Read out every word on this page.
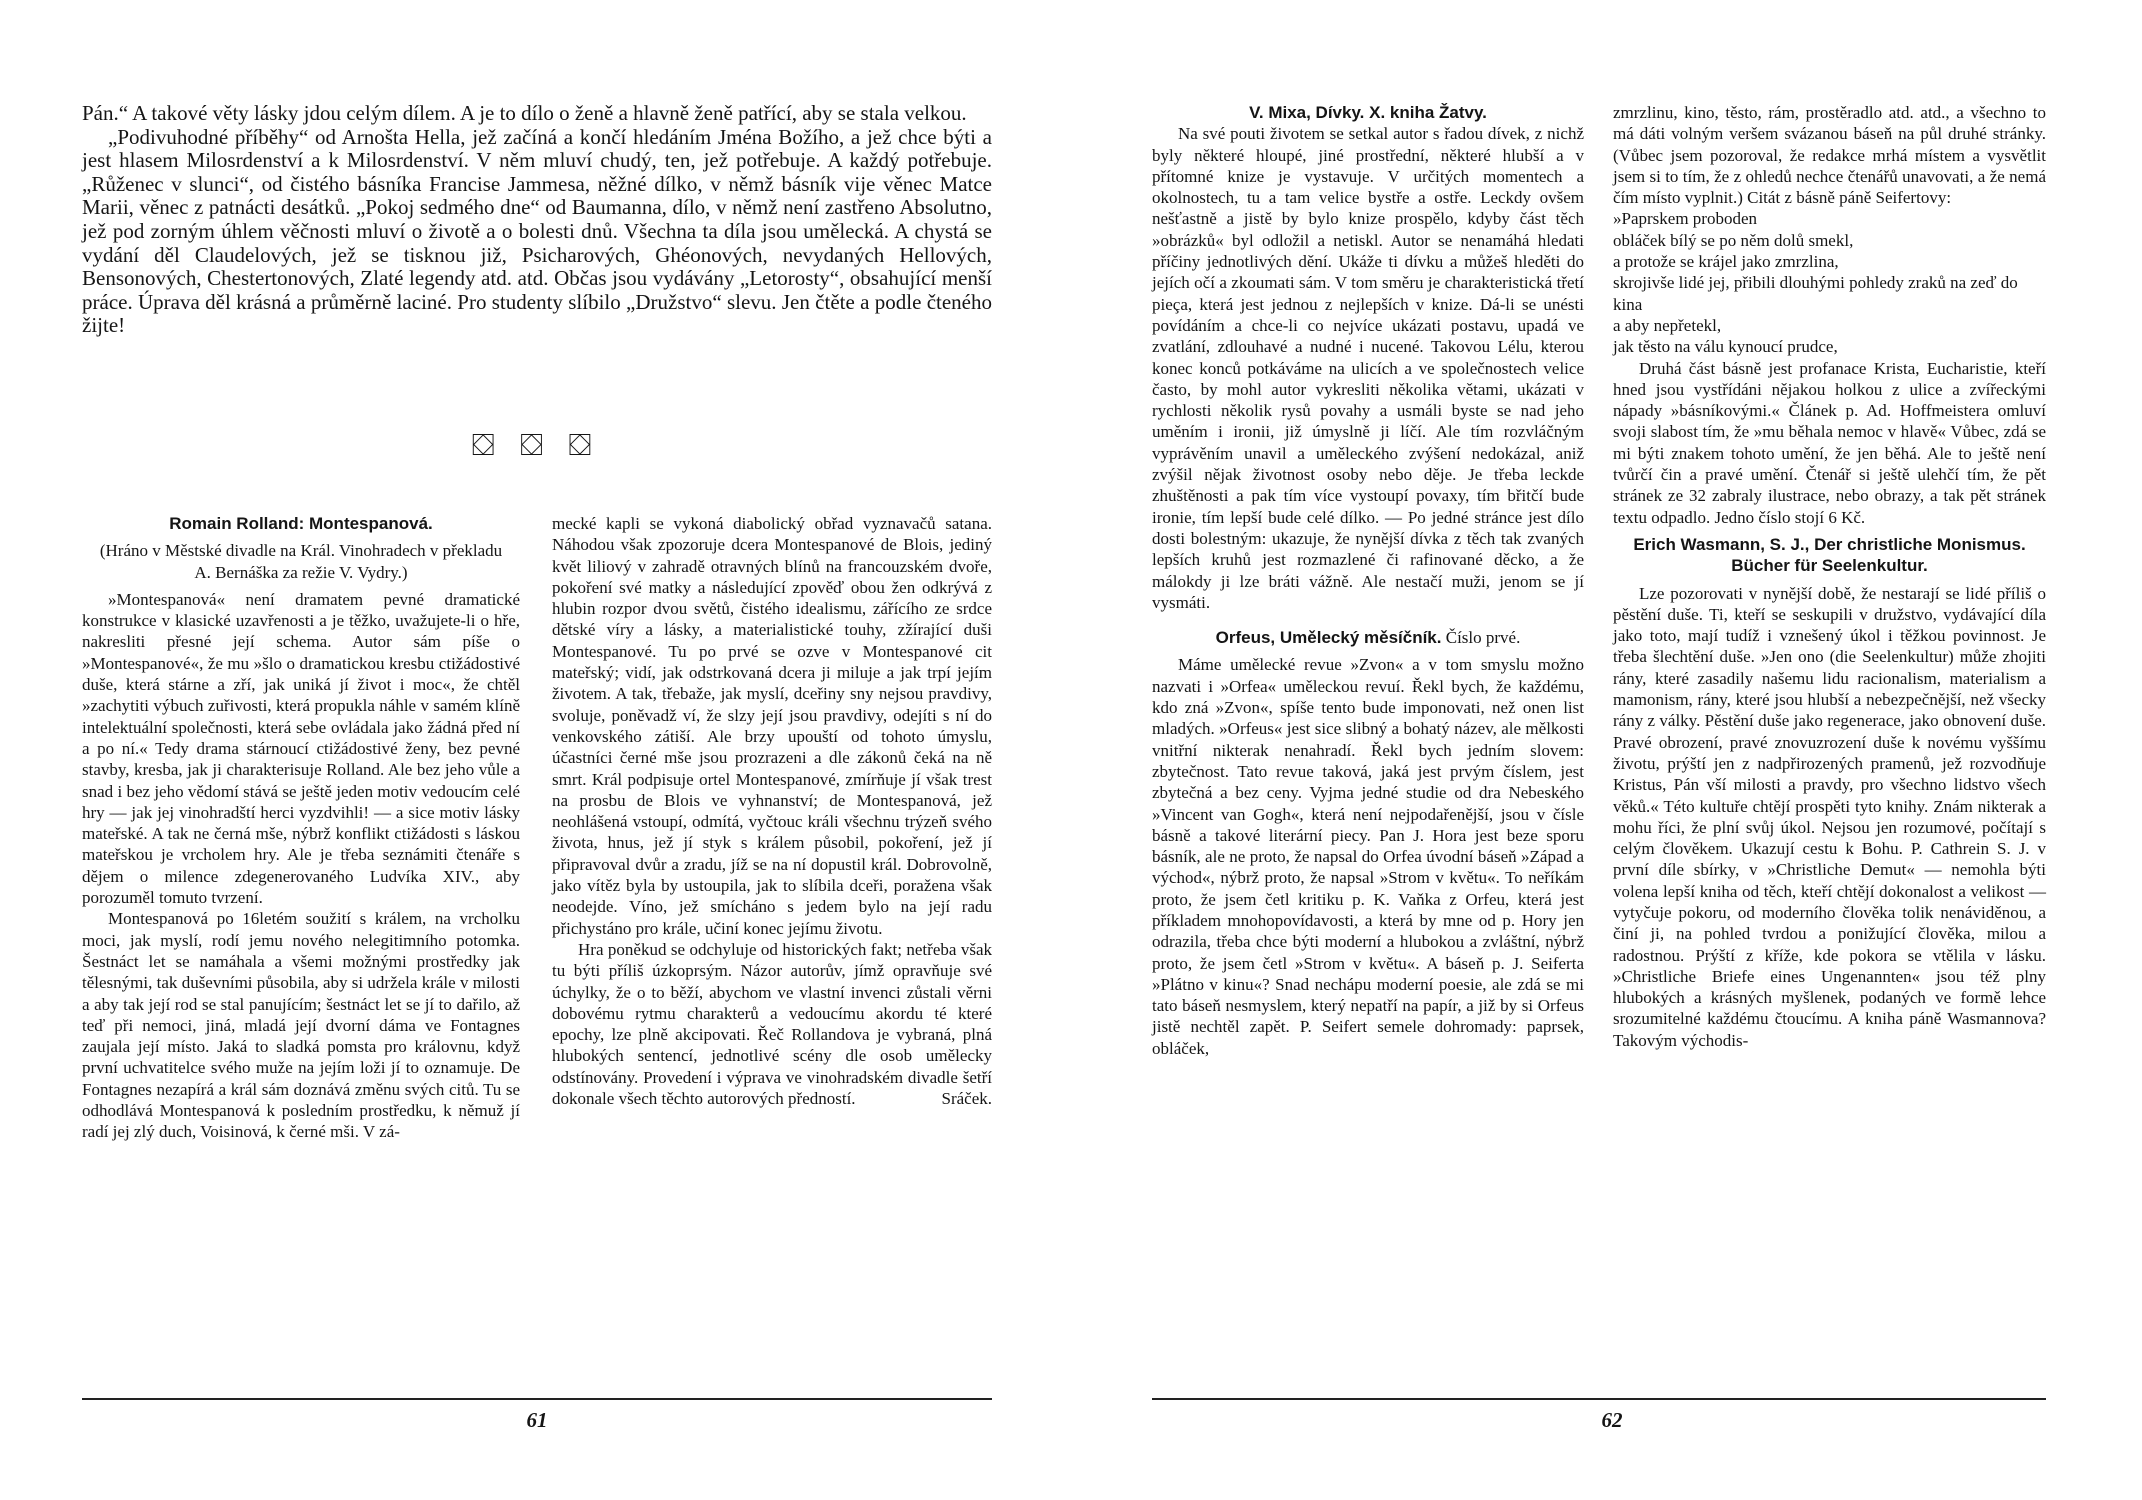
Pán.“ A takové věty lásky jdou celým dílem. A je to dílo o ženě a hlavně ženě patřící, aby se stala velkou.

„Podivuhodné příběhy“ od Arnošta Hella, jež začíná a končí hledáním Jména Božího, a jež chce býti a jest hlasem Milosrdenství a k Milosrdenství. V něm mluví chudý, ten, jež potřebuje. A každý potřebuje. „Růženec v slunci“, od čistého básníka Francise Jammesa, něžné dílko, v němž básník vije věnec Matce Marii, věnec z patnácti desátků. „Pokoj sedmého dne“ od Baumanna, dílo, v němž není zastřeno Absolutno, jež pod zorným úhlem věčnosti mluví o životě a o bolesti dnů. Všechna ta díla jsou umělecká. A chystá se vydání děl Claudelových, jež se tisknou již, Psicharových, Ghéonových, nevydaných Hellových, Bensonových, Chestertonových, Zlaté legendy atd. atd. Občas jsou vydávány „Letorosty“, obsahující menší práce. Úprava děl krásná a průměrně laciné. Pro studenty slíbilo „Družstvo“ slevu. Jen čtěte a podle čteného žijte!

⛋ ⛋ ⛋

Romain Rolland: Montespanová.

(Hráno v Městské divadle na Král. Vinohradech v překladu A. Bernáška za režie V. Vydry.)

»Montespanová« není dramatem pevné dramatické konstrukce v klasické uzavřenosti a je těžko, uvažujete-li o hře, nakresliti přesné její schema. Autor sám píše o »Montespanové«, že mu »šlo o dramatickou kresbu ctižádostivé duše, která stárne a zří, jak uniká jí život i moc«, že chtěl »zachytiti výbuch zuřivosti, která propukla náhle v samém klíně intelektuální společnosti, která sebe ovládala jako žádná před ní a po ní.« Tedy drama stárnoucí ctižádostivé ženy, bez pevné stavby, kresba, jak ji charakterisuje Rolland. Ale bez jeho vůle a snad i bez jeho vědomí stává se ještě jeden motiv vedoucím celé hry — jak jej vinohradští herci vyzdvihli! — a sice motiv lásky mateřské. A tak ne černá mše, nýbrž konflikt ctižádosti s láskou mateřskou je vrcholem hry. Ale je třeba seznámiti čtenáře s dějem o milence zdegenerovaného Ludvíka XIV., aby porozuměl tomuto tvrzení.

Montespanová po 16letém soužití s králem, na vrcholku moci, jak myslí, rodí jemu nového nelegitimního potomka. Šestnáct let se namáhala a všemi možnými prostředky jak tělesnými, tak duševními působila, aby si udržela krále v milosti a aby tak její rod se stal panujícím; šestnáct let se jí to dařilo, až teď při nemoci, jiná, mladá její dvorní dáma ve Fontagnes zaujala její místo. Jaká to sladká pomsta pro královnu, když první uchvatitelce svého muže na jejím loži jí to oznamuje. De Fontagnes nezapírá a král sám doznává změnu svých citů. Tu se odhodlává Montespanová k posledním prostředku, k němuž jí radí jej zlý duch, Voisinová, k černé mši. V zá-

mecké kapli se vykoná diabolický obřad vyznavačů satana. Náhodou však zpozoruje dcera Montespanové de Blois, jediný květ liliový v zahradě otravných blínů na francouzském dvoře, pokoření své matky a následující zpověď obou žen odkrývá z hlubin rozpor dvou světů, čistého idealismu, zářícího ze srdce dětské víry a lásky, a materialistické touhy, zžírající duši Montespanové. Tu po prvé se ozve v Montespanové cit mateřský; vidí, jak odstrkovaná dcera ji miluje a jak trpí jejím životem. A tak, třebaže, jak myslí, dceřiny sny nejsou pravdivy, svoluje, poněvadž ví, že slzy její jsou pravdivy, odejíti s ní do venkovského zátiší. Ale brzy upouští od tohoto úmyslu, účastníci černé mše jsou prozrazeni a dle zákonů čeká na ně smrt. Král podpisuje ortel Montespanové, zmírňuje jí však trest na prosbu de Blois ve vyhnanství; de Montespanová, jež neohlášená vstoupí, odmítá, vyčtouc králi všechnu trýzeň svého života, hnus, jež jí styk s králem působil, pokoření, jež jí připravoval dvůr a zradu, jíž se na ní dopustil král. Dobrovolně, jako vítěz byla by ustoupila, jak to slíbila dceři, poražena však neodejde. Víno, jež smícháno s jedem bylo na její radu přichystáno pro krále, učiní konec jejímu životu.

Hra poněkud se odchyluje od historických fakt; netřeba však tu býti příliš úzkoprsým. Názor autorův, jímž opravňuje své úchylky, že o to běží, abychom ve vlastní invenci zůstali věrni dobovému rytmu charakterů a vedoucímu akordu té které epochy, lze plně akcipovati. Řeč Rollandova je vybraná, plná hlubokých sentencí, jednotlivé scény dle osob umělecky odstínovány. Provedení i výprava ve vinohradském divadle šetří dokonale všech těchto autorových předností.	Sráček.

61

V. Mixa, Dívky. X. kniha Žatvy.

Na své pouti životem se setkal autor s řadou dívek, z nichž byly některé hloupé, jiné prostřední, některé hlubší a v přítomné knize je vystavuje. V určitých momentech a okolnostech, tu a tam velice bystře a ostře. Leckdy ovšem nešťastně a jistě by bylo knize prospělo, kdyby část těch »obrázků« byl odložil a netiskl. Autor se nenamáhá hledati příčiny jednotlivých dění. Ukáže ti dívku a můžeš hleděti do jejích očí a zkoumati sám. V tom směru je charakteristická třetí pieça, která jest jednou z nejlepších v knize. Dá-li se unésti povídáním a chce-li co nejvíce ukázati postavu, upadá ve zvatlání, zdlouhavé a nudné i nucené. Takovou Lélu, kterou konec konců potkáváme na ulicích a ve společnostech velice často, by mohl autor vykresliti několika větami, ukázati v rychlosti několik rysů povahy a usmáli byste se nad jeho uměním i ironii, již úmyslně ji líčí. Ale tím rozvláčným vyprávěním unavil a uměleckého zvýšení nedokázal, aniž zvýšil nějak životnost osoby nebo děje. Je třeba leckde zhuštěnosti a pak tím více vystoupí povaxy, tím břitčí bude ironie, tím lepší bude celé dílko. — Po jedné stránce jest dílo dosti bolestným: ukazuje, že nynější dívka z těch tak zvaných lepších kruhů jest rozmazlené či rafinované děcko, a že málokdy ji lze bráti vážně. Ale nestačí muži, jenom se jí vysmáti.

Orfeus, Umělecký měsíčník. Číslo prvé.

Máme umělecké revue »Zvon« a v tom smyslu možno nazvati i »Orfea« uměleckou revuí. Řekl bych, že každému, kdo zná »Zvon«, spíše tento bude imponovati, než onen list mladých. »Orfeus« jest sice slibný a bohatý název, ale mělkosti vnitřní nikterak nenahradí. Řekl bych jedním slovem: zbytečnost. Tato revue taková, jaká jest prvým číslem, jest zbytečná a bez ceny. Vyjma jedné studie od dra Nebeského »Vincent van Gogh«, která není nejpodařenější, jsou v čísle básně a takové literární piecy. Pan J. Hora jest beze sporu básník, ale ne proto, že napsal do Orfea úvodní báseň »Západ a východ«, nýbrž proto, že napsal »Strom v květu«. To neříkám proto, že jsem četl kritiku p. K. Vaňka z Orfeu, která jest příkladem mnohopovídavosti, a která by mne od p. Hory jen odrazila, třeba chce býti moderní a hlubokou a zvláštní, nýbrž proto, že jsem četl »Strom v květu«. A báseň p. J. Seiferta »Plátno v kinu«? Snad nechápu moderní poesie, ale zdá se mi tato báseň nesmyslem, který nepatří na papír, a již by si Orfeus jistě nechtěl zapět. P. Seifert semele dohromady: paprsek, obláček,

zmrzlinu, kino, těsto, rám, prostěradlo atd. atd., a všechno to má dáti volným veršem svázanou báseň na půl druhé stránky. (Vůbec jsem pozoroval, že redakce mrhá místem a vysvětlit jsem si to tím, že z ohledů nechce čtenářů unavovati, a že nemá čím místo vyplnit.) Citát z básně páně Seifertovy:

»Paprskem proboden

obláček bílý se po něm dolů smekl,

a protože se krájel jako zmrzlina,

skrojivše lidé jej, přibili dlouhými pohledy zraků na zeď do kina

a aby nepřetekl,

jak těsto na válu kynoucí prudce,

Druhá část básně jest profanace Krista, Eucharistie, kteří hned jsou vystřídáni nějakou holkou z ulice a zvířeckými nápady »básníkovými.« Článek p. Ad. Hoffmeistera omluví svoji slabost tím, že »mu běhala nemoc v hlavě« Vůbec, zdá se mi býti znakem tohoto umění, že jen běhá. Ale to ještě není tvůrčí čin a pravé umění. Čtenář si ještě ulehčí tím, že pět stránek ze 32 zabraly ilustrace, nebo obrazy, a tak pět stránek textu odpadlo. Jedno číslo stojí 6 Kč.

Erich Wasmann, S. J., Der christliche Monismus. Bücher für Seelenkultur.

Lze pozorovati v nynější době, že nestarají se lidé příliš o pěstění duše. Ti, kteří se seskupili v družstvo, vydávající díla jako toto, mají tudíž i vznešený úkol i těžkou povinnost. Je třeba šlechtění duše. »Jen ono (die Seelenkultur) může zhojiti rány, které zasadily našemu lidu racionalism, materialism a mamonism, rány, které jsou hlubší a nebezpečnější, než všecky rány z války. Pěstění duše jako regenerace, jako obnovení duše. Pravé obrození, pravé znovuzrození duše k novému vyššímu životu, prýští jen z nadpřirozených pramenů, jež rozvodňuje Kristus, Pán vší milosti a pravdy, pro všechno lidstvo všech věků.« Této kultuře chtějí prospěti tyto knihy. Znám nikterak a mohu říci, že plní svůj úkol. Nejsou jen rozumové, počítají s celým člověkem. Ukazují cestu k Bohu. P. Cathrein S. J. v první díle sbírky, v »Christliche Demut« — nemohla býti volena lepší kniha od těch, kteří chtějí dokonalost a velikost — vytyčuje pokoru, od moderního člověka tolik nenáviděnou, a činí ji, na pohled tvrdou a ponižující člověka, milou a radostnou. Prýští z kříže, kde pokora se vtělila v lásku. »Christliche Briefe eines Ungenannten« jsou též plny hlubokých a krásných myšlenek, podaných ve formě lehce srozumitelné každému čtoucímu. A kniha páně Wasmannova? Takovým východis-

62
